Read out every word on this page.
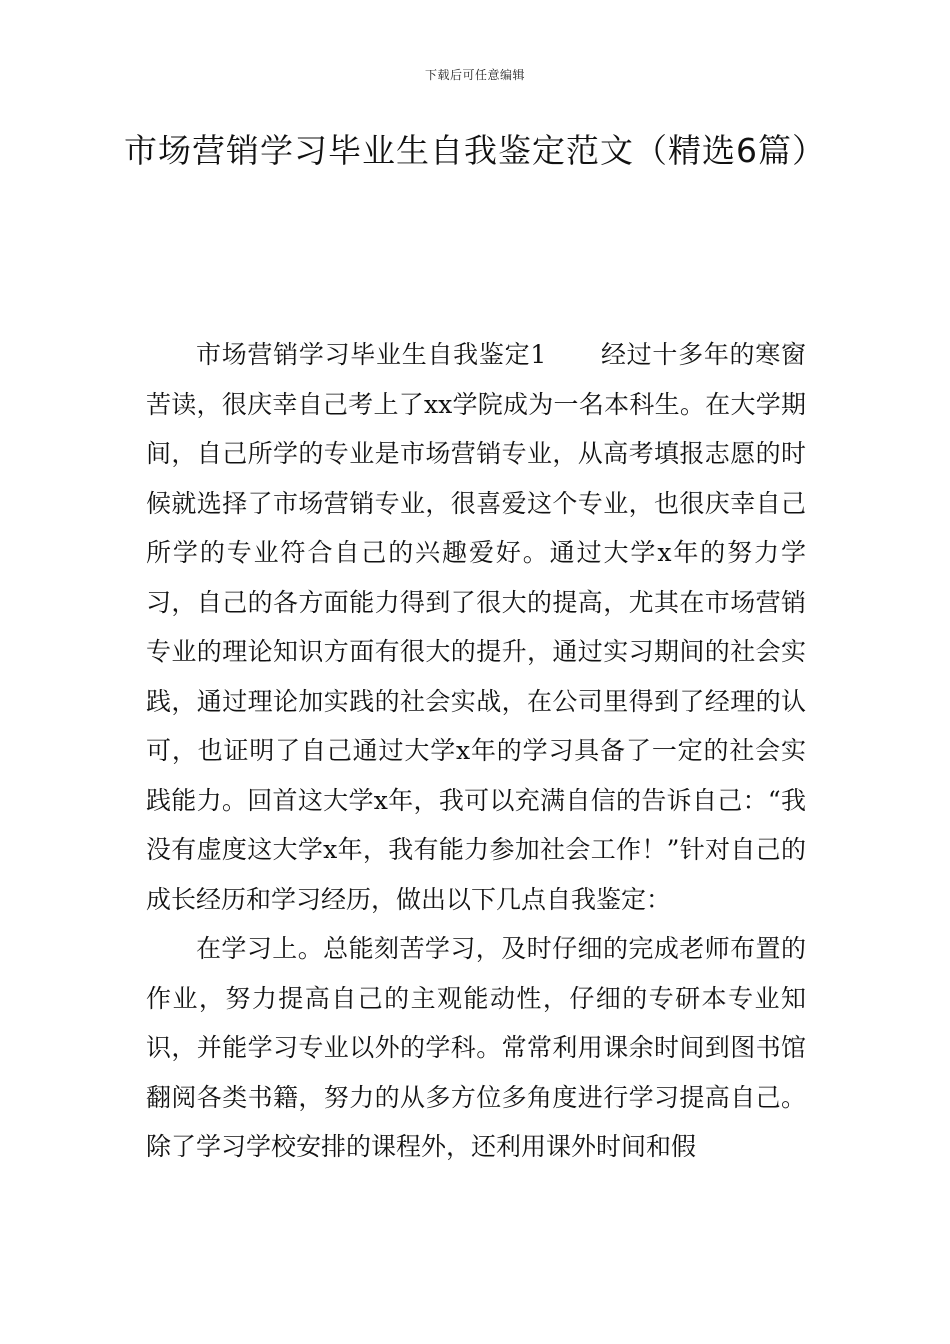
下载后可任意编辑
市场营销学习毕业生自我鉴定范文（精选6篇）

市场营销学习毕业生自我鉴定1 经过十多年的寒窗苦读，很庆幸自己考上了xx学院成为一名本科生。在大学期间，自己所学的专业是市场营销专业，从高考填报志愿的时候就选择了市场营销专业，很喜爱这个专业，也很庆幸自己所学的专业符合自己的兴趣爱好。通过大学x年的努力学习，自己的各方面能力得到了很大的提高，尤其在市场营销专业的理论知识方面有很大的提升，通过实习期间的社会实践，通过理论加实践的社会实战，在公司里得到了经理的认可，也证明了自己通过大学x年的学习具备了一定的社会实践能力。回首这大学x年，我可以充满自信的告诉自己：“我没有虚度这大学x年，我有能力参加社会工作！”针对自己的成长经历和学习经历，做出以下几点自我鉴定：

在学习上。总能刻苦学习，及时仔细的完成老师布置的作业，努力提高自己的主观能动性，仔细的专研本专业知识，并能学习专业以外的学科。常常利用课余时间到图书馆翻阅各类书籍，努力的从多方位多角度进行学习提高自己。除了学习学校安排的课程外，还利用课外时间和假
